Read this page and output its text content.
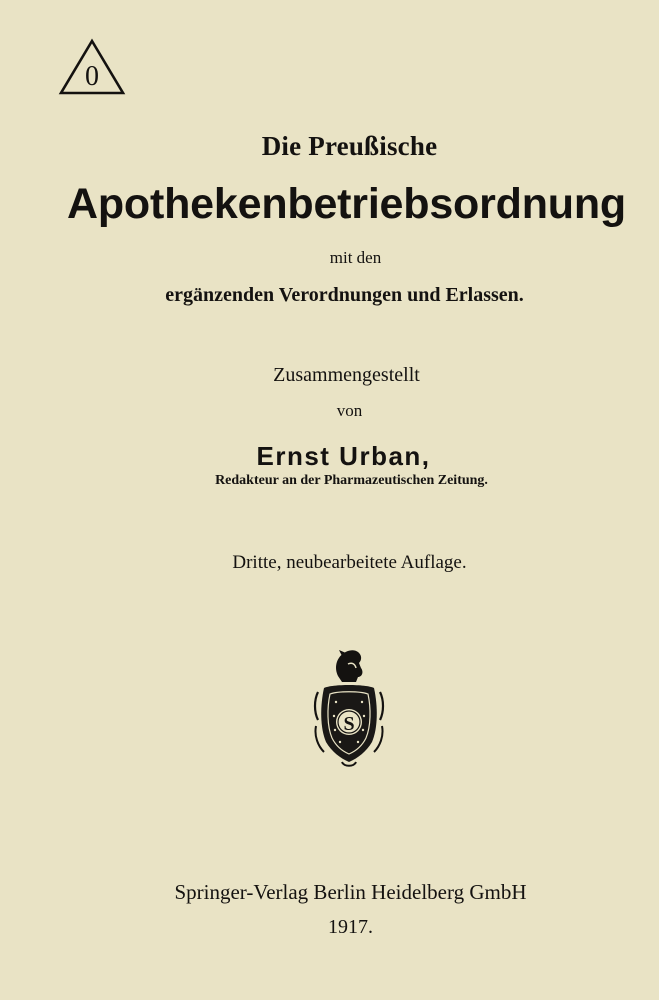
0
Die Preußische
Apothekenbetriebsordnung
mit den
ergänzenden Verordnungen und Erlassen.
Zusammengestellt
von
Ernst Urban,
Redakteur an der Pharmazeutischen Zeitung.
Dritte, neubearbeitete Auflage.
S
Springer-Verlag Berlin Heidelberg GmbH
1917.
